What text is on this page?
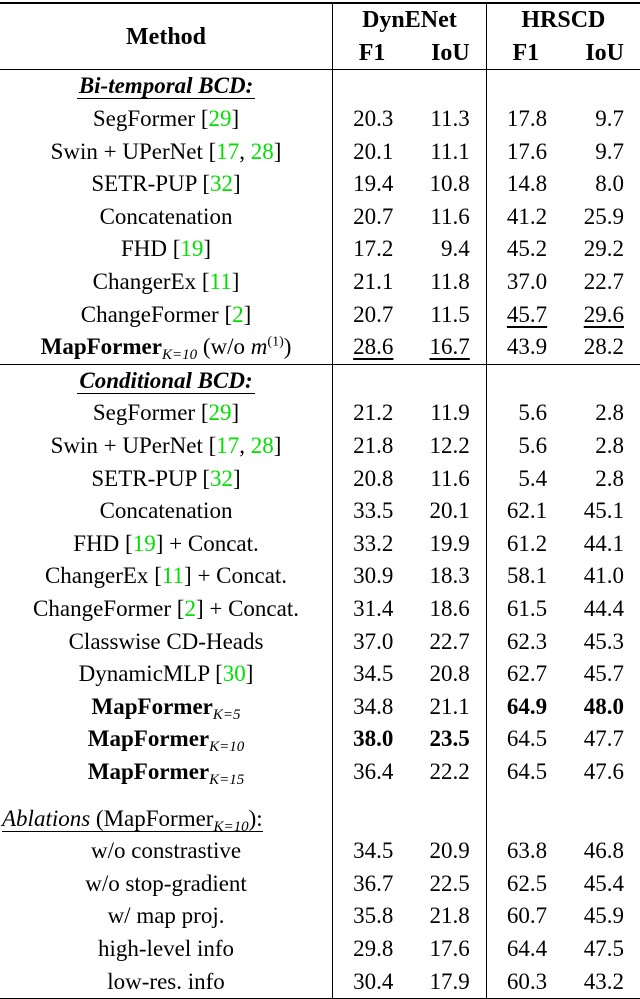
Method	DynENet		HRSCD	
	F1	IoU	F1	IoU
Bi-temporal BCD:				
SegFormer [29]	20.3	11.3	17.8	9.7
Swin + UPerNet [17, 28]	20.1	11.1	17.6	9.7
SETR-PUP [32]	19.4	10.8	14.8	8.0
Concatenation	20.7	11.6	41.2	25.9
FHD [19]	17.2	9.4	45.2	29.2
ChangerEx [11]	21.1	11.8	37.0	22.7
ChangeFormer [2]	20.7	11.5	45.7	29.6
MapFormer$_{K=10}$ (w/o $m^{(1)}$)	28.6	16.7	43.9	28.2
Conditional BCD:				
SegFormer [29]	21.2	11.9	5.6	2.8
Swin + UPerNet [17, 28]	21.8	12.2	5.6	2.8
SETR-PUP [32]	20.8	11.6	5.4	2.8
Concatenation	33.5	20.1	62.1	45.1
FHD [19] + Concat.	33.2	19.9	61.2	44.1
ChangerEx [11] + Concat.	30.9	18.3	58.1	41.0
ChangeFormer [2] + Concat.	31.4	18.6	61.5	44.4
Classwise CD-Heads	37.0	22.7	62.3	45.3
DynamicMLP [30]	34.5	20.8	62.7	45.7
MapFormer$_{K=5}$	34.8	21.1	64.9	48.0
MapFormer$_{K=10}$	38.0	23.5	64.5	47.7
MapFormer$_{K=15}$	36.4	22.2	64.5	47.6

Ablations (MapFormer$_{K=10}$):				
w/o constrastive	34.5	20.9	63.8	46.8
w/o stop-gradient	36.7	22.5	62.5	45.4
w/ map proj.	35.8	21.8	60.7	45.9
high-level info	29.8	17.6	64.4	47.5
low-res. info	30.4	17.9	60.3	43.2
